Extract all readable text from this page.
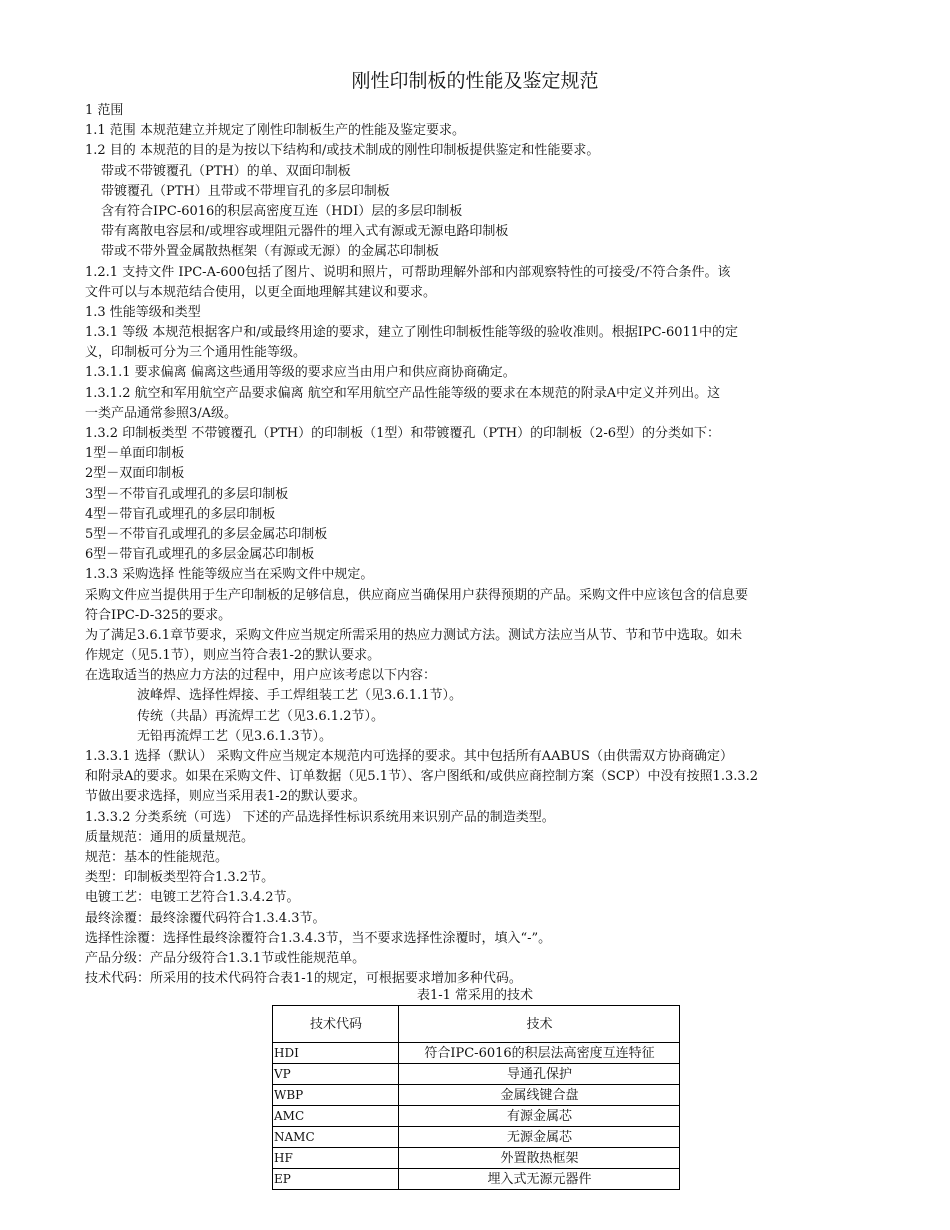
刚性印制板的性能及鉴定规范
1 范围
1.1 范围 本规范建立并规定了刚性印制板生产的性能及鉴定要求。
1.2 目的 本规范的目的是为按以下结构和/或技术制成的刚性印制板提供鉴定和性能要求。
带或不带镀覆孔（PTH）的单、双面印制板
带镀覆孔（PTH）且带或不带埋盲孔的多层印制板
含有符合IPC-6016的积层高密度互连（HDI）层的多层印制板
带有离散电容层和/或埋容或埋阻元器件的埋入式有源或无源电路印制板
带或不带外置金属散热框架（有源或无源）的金属芯印制板
1.2.1 支持文件 IPC-A-600包括了图片、说明和照片，可帮助理解外部和内部观察特性的可接受/不符合条件。该
文件可以与本规范结合使用，以更全面地理解其建议和要求。
1.3 性能等级和类型
1.3.1 等级 本规范根据客户和/或最终用途的要求，建立了刚性印制板性能等级的验收准则。根据IPC-6011中的定
义，印制板可分为三个通用性能等级。
1.3.1.1 要求偏离 偏离这些通用等级的要求应当由用户和供应商协商确定。
1.3.1.2 航空和军用航空产品要求偏离 航空和军用航空产品性能等级的要求在本规范的附录A中定义并列出。这
一类产品通常参照3/A级。
1.3.2 印制板类型 不带镀覆孔（PTH）的印制板（1型）和带镀覆孔（PTH）的印制板（2-6型）的分类如下：
1型－单面印制板
2型－双面印制板
3型－不带盲孔或埋孔的多层印制板
4型－带盲孔或埋孔的多层印制板
5型－不带盲孔或埋孔的多层金属芯印制板
6型－带盲孔或埋孔的多层金属芯印制板
1.3.3 采购选择 性能等级应当在采购文件中规定。
采购文件应当提供用于生产印制板的足够信息，供应商应当确保用户获得预期的产品。采购文件中应该包含的信息要
符合IPC-D-325的要求。
为了满足3.6.1章节要求，采购文件应当规定所需采用的热应力测试方法。测试方法应当从节、节和节中选取。如未
作规定（见5.1节），则应当符合表1-2的默认要求。
在选取适当的热应力方法的过程中，用户应该考虑以下内容：
波峰焊、选择性焊接、手工焊组装工艺（见3.6.1.1节）。
传统（共晶）再流焊工艺（见3.6.1.2节）。
无铅再流焊工艺（见3.6.1.3节）。
1.3.3.1 选择（默认） 采购文件应当规定本规范内可选择的要求。其中包括所有AABUS（由供需双方协商确定）
和附录A的要求。如果在采购文件、订单数据（见5.1节）、客户图纸和/或供应商控制方案（SCP）中没有按照1.3.3.2
节做出要求选择，则应当采用表1-2的默认要求。
1.3.3.2 分类系统（可选） 下述的产品选择性标识系统用来识别产品的制造类型。
质量规范：通用的质量规范。
规范：基本的性能规范。
类型：印制板类型符合1.3.2节。
电镀工艺：电镀工艺符合1.3.4.2节。
最终涂覆：最终涂覆代码符合1.3.4.3节。
选择性涂覆：选择性最终涂覆符合1.3.4.3节，当不要求选择性涂覆时，填入“-”。
产品分级：产品分级符合1.3.1节或性能规范单。
技术代码：所采用的技术代码符合表1-1的规定，可根据要求增加多种代码。
表1-1 常采用的技术
技术代码	技术
HDI	符合IPC-6016的积层法高密度互连特征
VP	导通孔保护
WBP	金属线键合盘
AMC	有源金属芯
NAMC	无源金属芯
HF	外置散热框架
EP	埋入式无源元器件
